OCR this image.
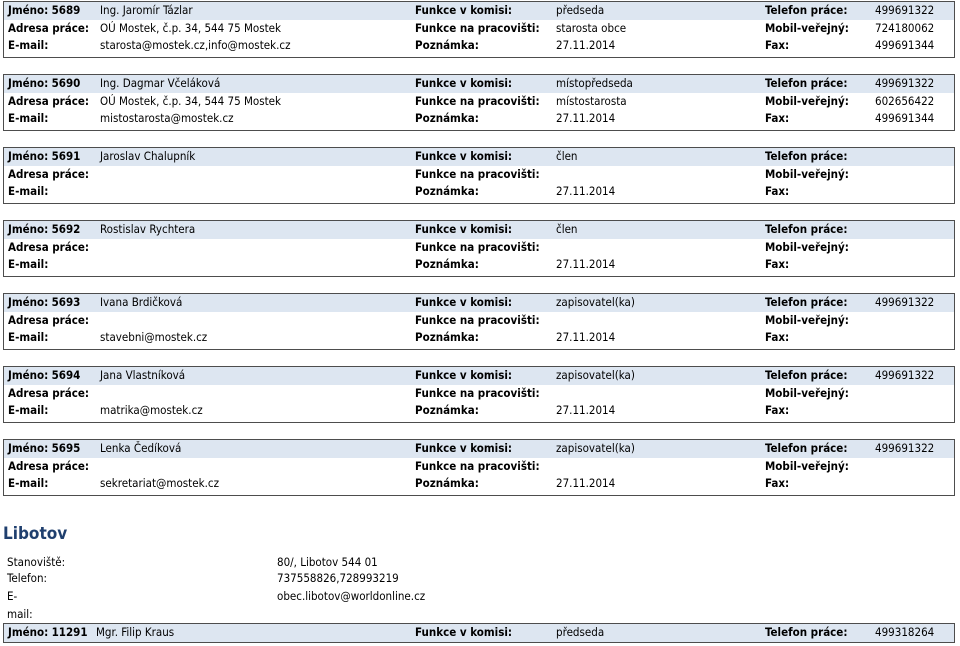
Jméno: 5689	Ing. Jaromír Tázlar	Funkce v komisi:	předseda	Telefon práce:	499691322
Adresa práce:	OÚ Mostek, č.p. 34, 544 75 Mostek	Funkce na pracovišti:	starosta obce	Mobil-veřejný:	724180062
E-mail:	starosta@mostek.cz,info@mostek.cz	Poznámka:	27.11.2014	Fax:	499691344
Jméno: 5690	Ing. Dagmar Včeláková	Funkce v komisi:	místopředseda	Telefon práce:	499691322
Adresa práce:	OÚ Mostek, č.p. 34, 544 75 Mostek	Funkce na pracovišti:	místostarosta	Mobil-veřejný:	602656422
E-mail:	mistostarosta@mostek.cz	Poznámka:	27.11.2014	Fax:	499691344
Jméno: 5691	Jaroslav Chalupník	Funkce v komisi:	člen	Telefon práce:	
Adresa práce:		Funkce na pracovišti:		Mobil-veřejný:	
E-mail:		Poznámka:	27.11.2014	Fax:	
Jméno: 5692	Rostislav Rychtera	Funkce v komisi:	člen	Telefon práce:	
Adresa práce:		Funkce na pracovišti:		Mobil-veřejný:	
E-mail:		Poznámka:	27.11.2014	Fax:	
Jméno: 5693	Ivana Brdičková	Funkce v komisi:	zapisovatel(ka)	Telefon práce:	499691322
Adresa práce:		Funkce na pracovišti:		Mobil-veřejný:	
E-mail:	stavebni@mostek.cz	Poznámka:	27.11.2014	Fax:	
Jméno: 5694	Jana Vlastníková	Funkce v komisi:	zapisovatel(ka)	Telefon práce:	499691322
Adresa práce:		Funkce na pracovišti:		Mobil-veřejný:	
E-mail:	matrika@mostek.cz	Poznámka:	27.11.2014	Fax:	
Jméno: 5695	Lenka Čedíková	Funkce v komisi:	zapisovatel(ka)	Telefon práce:	499691322
Adresa práce:		Funkce na pracovišti:		Mobil-veřejný:	
E-mail:	sekretariat@mostek.cz	Poznámka:	27.11.2014	Fax:	
Libotov
Stanoviště:	80/, Libotov 544 01
Telefon:	737558826,728993219
E-mail:
obec.libotov@worldonline.cz
Jméno: 11291	Mgr. Filip Kraus	Funkce v komisi:	předseda	Telefon práce:	499318264
